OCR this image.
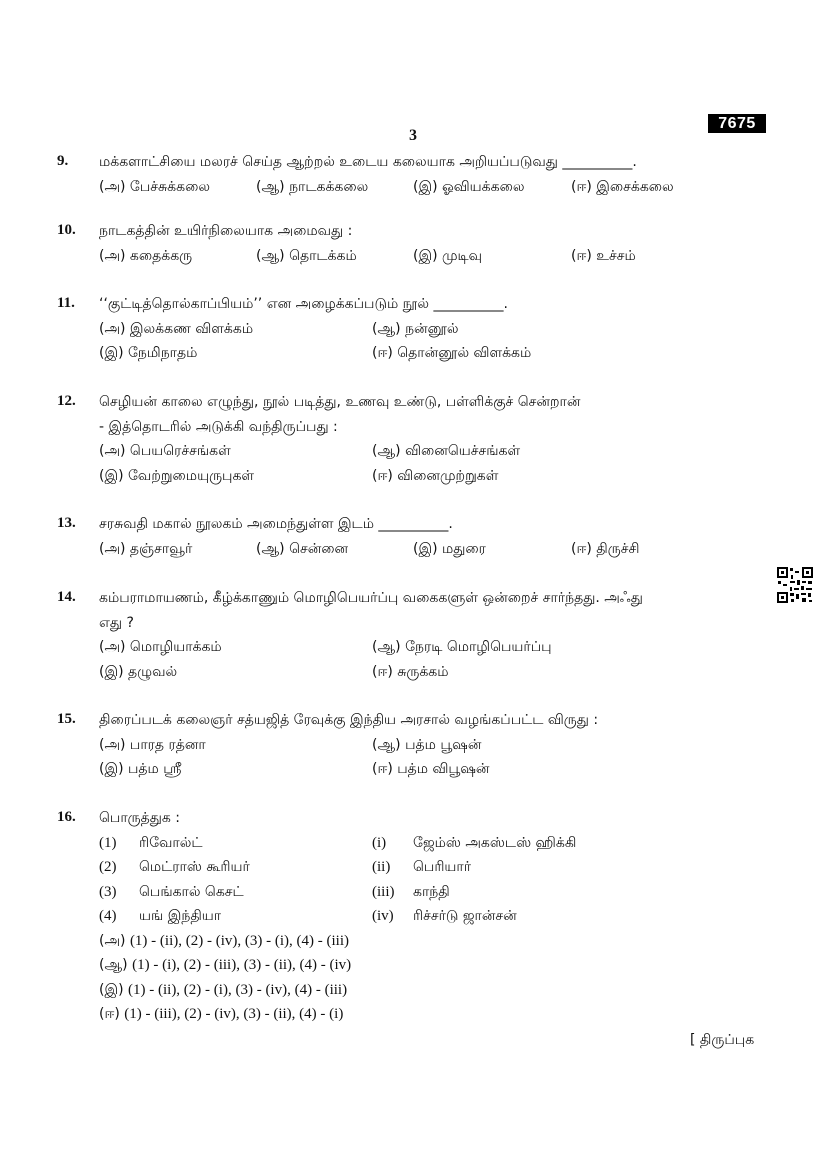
3
7675
9.	மக்களாட்சியை மலரச் செய்த ஆற்றல் உடைய கலையாக அறியப்படுவது __________.
(அ) பேச்சுக்கலை	(ஆ) நாடகக்கலை	(இ) ஓவியக்கலை	(ஈ) இசைக்கலை
10.	நாடகத்தின் உயிர்நிலையாக அமைவது :
(அ) கதைக்கரு	(ஆ) தொடக்கம்	(இ) முடிவு	(ஈ) உச்சம்
11.	‘‘குட்டித்தொல்காப்பியம்’’ என அழைக்கப்படும் நூல் __________.
(அ) இலக்கண விளக்கம்	(ஆ) நன்னூல்
(இ) நேமிநாதம்	(ஈ) தொன்னூல் விளக்கம்
12.	செழியன் காலை எழுந்து, நூல் படித்து, உணவு உண்டு, பள்ளிக்குச் சென்றான்
- இத்தொடரில் அடுக்கி வந்திருப்பது :
(அ) பெயரெச்சங்கள்	(ஆ) வினையெச்சங்கள்
(இ) வேற்றுமையுருபுகள்	(ஈ) வினைமுற்றுகள்
13.	சரசுவதி மகால் நூலகம் அமைந்துள்ள இடம் __________.
(அ) தஞ்சாவூர்	(ஆ) சென்னை	(இ) மதுரை	(ஈ) திருச்சி
14.	கம்பராமாயணம், கீழ்க்காணும் மொழிபெயர்ப்பு வகைகளுள் ஒன்றைச் சார்ந்தது. அஃது
எது ?
(அ) மொழியாக்கம்	(ஆ) நேரடி மொழிபெயர்ப்பு
(இ) தழுவல்	(ஈ) சுருக்கம்
15.	திரைப்படக் கலைஞர் சத்யஜித் ரேவுக்கு இந்திய அரசால் வழங்கப்பட்ட விருது :
(அ) பாரத ரத்னா	(ஆ) பத்ம பூஷன்
(இ) பத்ம ஸ்ரீ	(ஈ) பத்ம விபூஷன்
16.	பொருத்துக :
(1) ரிவோல்ட்	(i) ஜேம்ஸ் அகஸ்டஸ் ஹிக்கி
(2) மெட்ராஸ் கூரியர்	(ii) பெரியார்
(3) பெங்கால் கெசட்	(iii) காந்தி
(4) யங் இந்தியா	(iv) ரிச்சர்டு ஜான்சன்
(அ) (1) - (ii), (2) - (iv), (3) - (i), (4) - (iii)
(ஆ) (1) - (i), (2) - (iii), (3) - (ii), (4) - (iv)
(இ) (1) - (ii), (2) - (i), (3) - (iv), (4) - (iii)
(ஈ) (1) - (iii), (2) - (iv), (3) - (ii), (4) - (i)
[ திருப்புக
